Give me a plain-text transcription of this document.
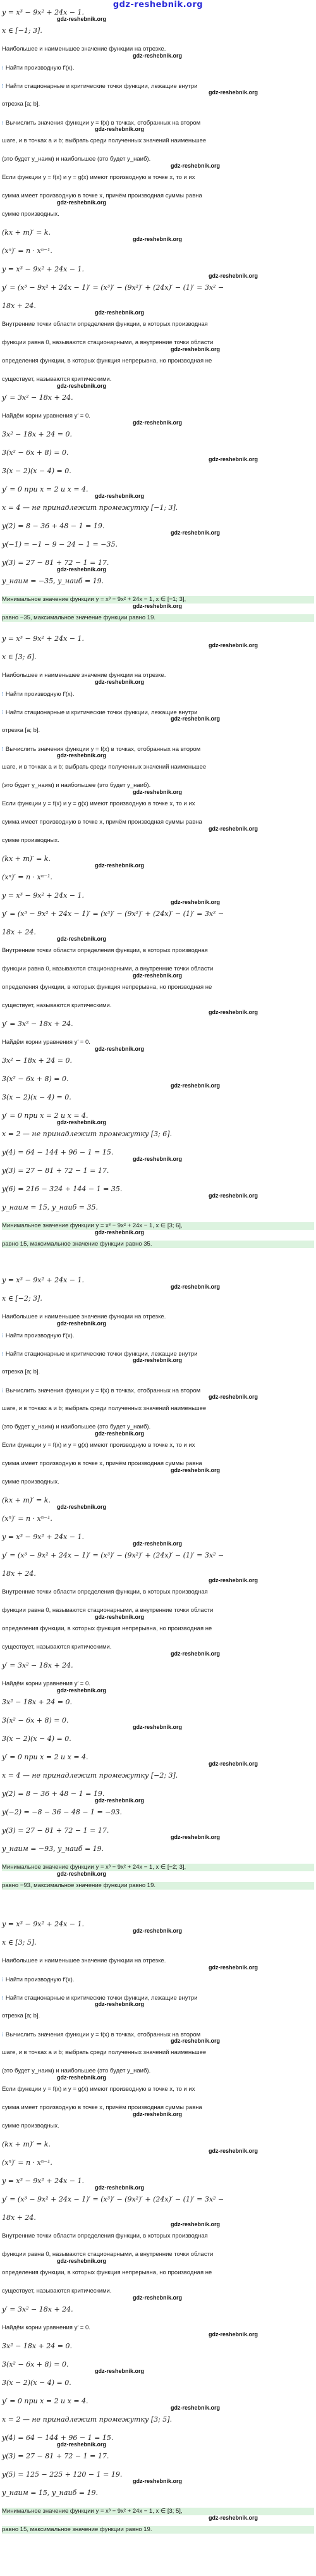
gdz-reshebnik.org
y = x³ − 9x² + 24x − 1.
x ∈ [−1; 3].
Наибольшее и наименьшее значение функции на отрезке.
⁝ Найти производную f′(x).
⁝ Найти стационарные и критические точки функции, лежащие внутри
отрезка [a; b].
⁝ Вычислить значения функции y = f(x) в точках, отобранных на втором
шаге, и в точках a и b; выбрать среди полученных значений наименьшее
(это будет y_наим) и наибольшее (это будет y_наиб).
Если функции y = f(x) и y = g(x) имеют производную в точке x, то и их
сумма имеет производную в точке x, причём производная суммы равна
сумме производных.
(kx + m)′ = k.
(xⁿ)′ = n · xⁿ⁻¹.
y = x³ − 9x² + 24x − 1.
y′ = (x³ − 9x² + 24x − 1)′ = (x³)′ − (9x²)′ + (24x)′ − (1)′ = 3x² −
18x + 24.
Внутренние точки области определения функции, в которых производная
функции равна 0, называются стационарными, а внутренние точки области
определения функции, в которых функция непрерывна, но производная не
существует, называются критическими.
y′ = 3x² − 18x + 24.
Найдём корни уравнения y′ = 0.
3x² − 18x + 24 = 0.
3(x² − 6x + 8) = 0.
3(x − 2)(x − 4) = 0.
y′ = 0 при x = 2 и x = 4.
x = 4 — не принадлежит промежутку [−1; 3].
y(2) = 8 − 36 + 48 − 1 = 19.
y(−1) = −1 − 9 − 24 − 1 = −35.
y(3) = 27 − 81 + 72 − 1 = 17.
y_наим = −35, y_наиб = 19.
Минимальное значение функции y = x³ − 9x² + 24x − 1, x ∈ [−1; 3],
равно −35, максимальное значение функции равно 19.
y = x³ − 9x² + 24x − 1.
x ∈ [3; 6].
Наибольшее и наименьшее значение функции на отрезке.
⁝ Найти производную f′(x).
⁝ Найти стационарные и критические точки функции, лежащие внутри
отрезка [a; b].
⁝ Вычислить значения функции y = f(x) в точках, отобранных на втором
шаге, и в точках a и b; выбрать среди полученных значений наименьшее
(это будет y_наим) и наибольшее (это будет y_наиб).
Если функции y = f(x) и y = g(x) имеют производную в точке x, то и их
сумма имеет производную в точке x, причём производная суммы равна
сумме производных.
(kx + m)′ = k.
(xⁿ)′ = n · xⁿ⁻¹.
y = x³ − 9x² + 24x − 1.
y′ = (x³ − 9x² + 24x − 1)′ = (x³)′ − (9x²)′ + (24x)′ − (1)′ = 3x² −
18x + 24.
Внутренние точки области определения функции, в которых производная
функции равна 0, называются стационарными, а внутренние точки области
определения функции, в которых функция непрерывна, но производная не
существует, называются критическими.
y′ = 3x² − 18x + 24.
Найдём корни уравнения y′ = 0.
3x² − 18x + 24 = 0.
3(x² − 6x + 8) = 0.
3(x − 2)(x − 4) = 0.
y′ = 0 при x = 2 и x = 4.
x = 2 — не принадлежит промежутку [3; 6].
y(4) = 64 − 144 + 96 − 1 = 15.
y(3) = 27 − 81 + 72 − 1 = 17.
y(6) = 216 − 324 + 144 − 1 = 35.
y_наим = 15, y_наиб = 35.
Минимальное значение функции y = x³ − 9x² + 24x − 1, x ∈ [3; 6],
равно 15, максимальное значение функции равно 35.
y = x³ − 9x² + 24x − 1.
x ∈ [−2; 3].
Наибольшее и наименьшее значение функции на отрезке.
⁝ Найти производную f′(x).
⁝ Найти стационарные и критические точки функции, лежащие внутри
отрезка [a; b].
⁝ Вычислить значения функции y = f(x) в точках, отобранных на втором
шаге, и в точках a и b; выбрать среди полученных значений наименьшее
(это будет y_наим) и наибольшее (это будет y_наиб).
Если функции y = f(x) и y = g(x) имеют производную в точке x, то и их
сумма имеет производную в точке x, причём производная суммы равна
сумме производных.
(kx + m)′ = k.
(xⁿ)′ = n · xⁿ⁻¹.
y = x³ − 9x² + 24x − 1.
y′ = (x³ − 9x² + 24x − 1)′ = (x³)′ − (9x²)′ + (24x)′ − (1)′ = 3x² −
18x + 24.
Внутренние точки области определения функции, в которых производная
функции равна 0, называются стационарными, а внутренние точки области
определения функции, в которых функция непрерывна, но производная не
существует, называются критическими.
y′ = 3x² − 18x + 24.
Найдём корни уравнения y′ = 0.
3x² − 18x + 24 = 0.
3(x² − 6x + 8) = 0.
3(x − 2)(x − 4) = 0.
y′ = 0 при x = 2 и x = 4.
x = 4 — не принадлежит промежутку [−2; 3].
y(2) = 8 − 36 + 48 − 1 = 19.
y(−2) = −8 − 36 − 48 − 1 = −93.
y(3) = 27 − 81 + 72 − 1 = 17.
y_наим = −93, y_наиб = 19.
Минимальное значение функции y = x³ − 9x² + 24x − 1, x ∈ [−2; 3],
равно −93, максимальное значение функции равно 19.
y = x³ − 9x² + 24x − 1.
x ∈ [3; 5].
Наибольшее и наименьшее значение функции на отрезке.
⁝ Найти производную f′(x).
⁝ Найти стационарные и критические точки функции, лежащие внутри
отрезка [a; b].
⁝ Вычислить значения функции y = f(x) в точках, отобранных на втором
шаге, и в точках a и b; выбрать среди полученных значений наименьшее
(это будет y_наим) и наибольшее (это будет y_наиб).
Если функции y = f(x) и y = g(x) имеют производную в точке x, то и их
сумма имеет производную в точке x, причём производная суммы равна
сумме производных.
(kx + m)′ = k.
(xⁿ)′ = n · xⁿ⁻¹.
y = x³ − 9x² + 24x − 1.
y′ = (x³ − 9x² + 24x − 1)′ = (x³)′ − (9x²)′ + (24x)′ − (1)′ = 3x² −
18x + 24.
Внутренние точки области определения функции, в которых производная
функции равна 0, называются стационарными, а внутренние точки области
определения функции, в которых функция непрерывна, но производная не
существует, называются критическими.
y′ = 3x² − 18x + 24.
Найдём корни уравнения y′ = 0.
3x² − 18x + 24 = 0.
3(x² − 6x + 8) = 0.
3(x − 2)(x − 4) = 0.
y′ = 0 при x = 2 и x = 4.
x = 2 — не принадлежит промежутку [3; 5].
y(4) = 64 − 144 + 96 − 1 = 15.
y(3) = 27 − 81 + 72 − 1 = 17.
y(5) = 125 − 225 + 120 − 1 = 19.
y_наим = 15, y_наиб = 19.
Минимальное значение функции y = x³ − 9x² + 24x − 1, x ∈ [3; 5],
равно 15, максимальное значение функции равно 19.
gdz-reshebnik.org
gdz-reshebnik.org
gdz-reshebnik.org
gdz-reshebnik.org
gdz-reshebnik.org
gdz-reshebnik.org
gdz-reshebnik.org
gdz-reshebnik.org
gdz-reshebnik.org
gdz-reshebnik.org
gdz-reshebnik.org
gdz-reshebnik.org
gdz-reshebnik.org
gdz-reshebnik.org
gdz-reshebnik.org
gdz-reshebnik.org
gdz-reshebnik.org
gdz-reshebnik.org
gdz-reshebnik.org
gdz-reshebnik.org
gdz-reshebnik.org
gdz-reshebnik.org
gdz-reshebnik.org
gdz-reshebnik.org
gdz-reshebnik.org
gdz-reshebnik.org
gdz-reshebnik.org
gdz-reshebnik.org
gdz-reshebnik.org
gdz-reshebnik.org
gdz-reshebnik.org
gdz-reshebnik.org
gdz-reshebnik.org
gdz-reshebnik.org
gdz-reshebnik.org
gdz-reshebnik.org
gdz-reshebnik.org
gdz-reshebnik.org
gdz-reshebnik.org
gdz-reshebnik.org
gdz-reshebnik.org
gdz-reshebnik.org
gdz-reshebnik.org
gdz-reshebnik.org
gdz-reshebnik.org
gdz-reshebnik.org
gdz-reshebnik.org
gdz-reshebnik.org
gdz-reshebnik.org
gdz-reshebnik.org
gdz-reshebnik.org
gdz-reshebnik.org
gdz-reshebnik.org
gdz-reshebnik.org
gdz-reshebnik.org
gdz-reshebnik.org
gdz-reshebnik.org
gdz-reshebnik.org
gdz-reshebnik.org
gdz-reshebnik.org
gdz-reshebnik.org
gdz-reshebnik.org
gdz-reshebnik.org
gdz-reshebnik.org
gdz-reshebnik.org
gdz-reshebnik.org
gdz-reshebnik.org
gdz-reshebnik.org
